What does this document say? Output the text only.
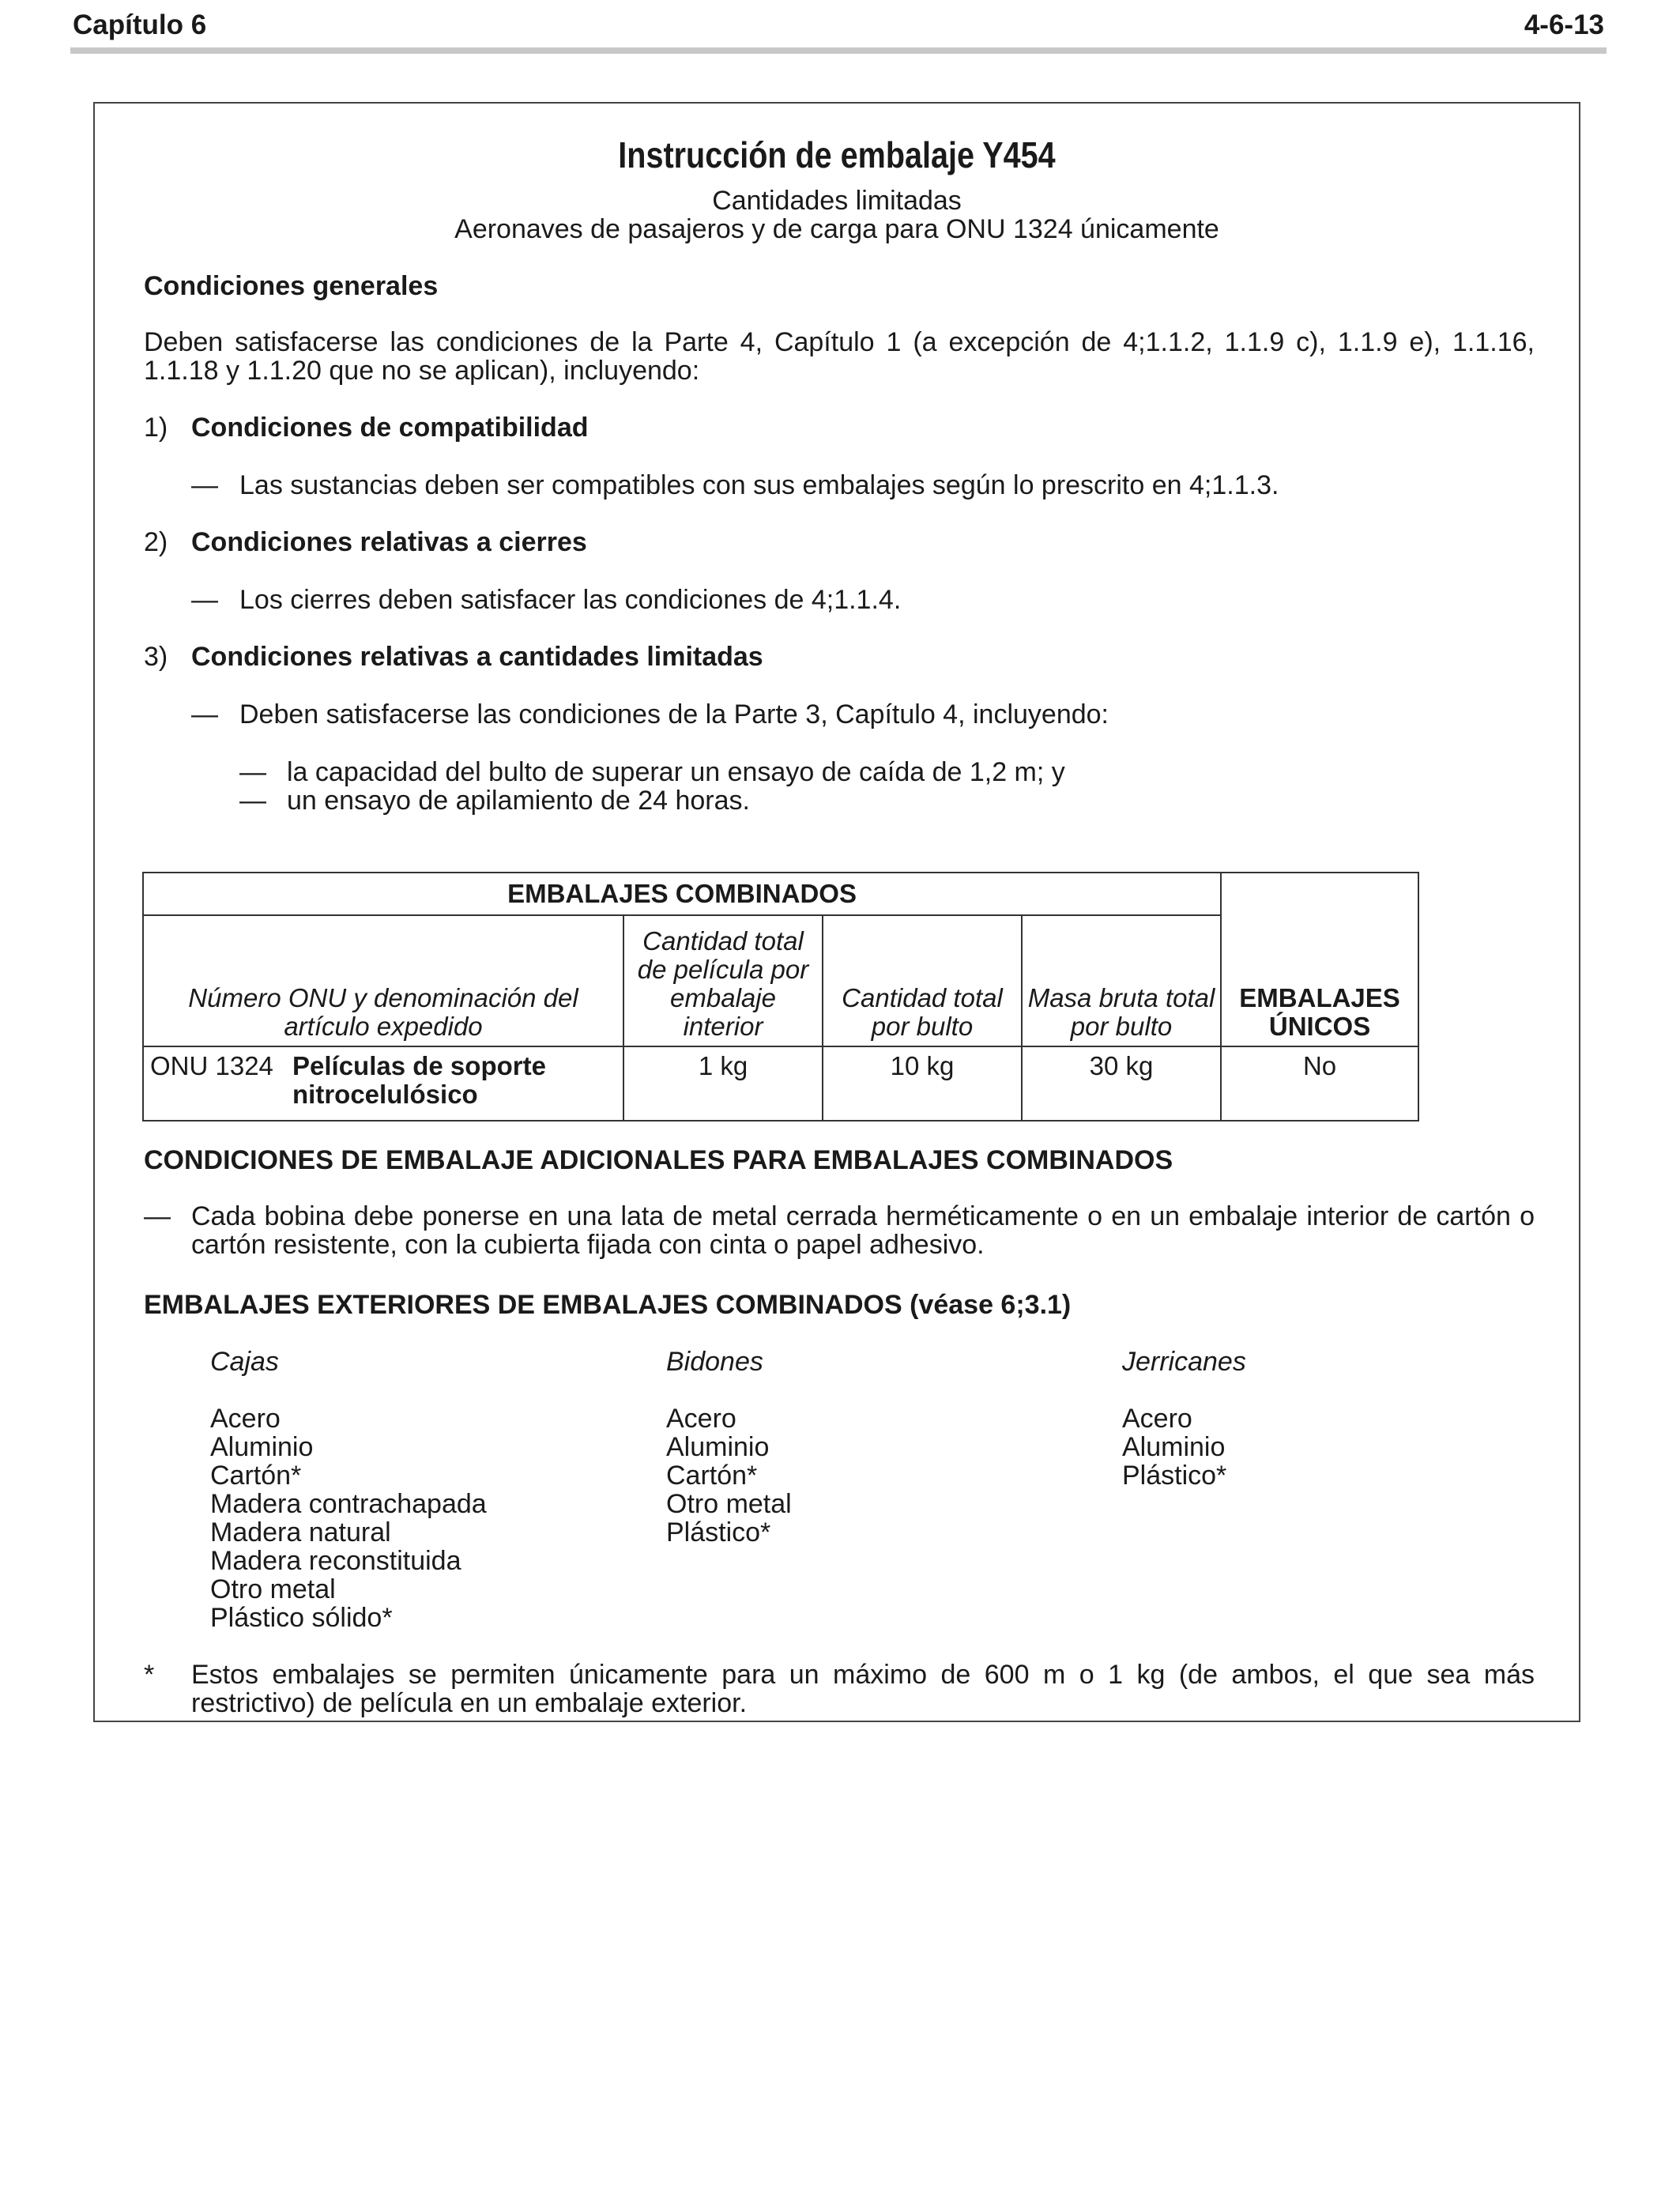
Capítulo 6	4-6-13
Instrucción de embalaje Y454
Cantidades limitadas
Aeronaves de pasajeros y de carga para ONU 1324 únicamente
Condiciones generales
Deben satisfacerse las condiciones de la Parte 4, Capítulo 1 (a excepción de 4;1.1.2, 1.1.9 c), 1.1.9 e), 1.1.16, 1.1.18 y 1.1.20 que no se aplican), incluyendo:
1) Condiciones de compatibilidad
— Las sustancias deben ser compatibles con sus embalajes según lo prescrito en 4;1.1.3.
2) Condiciones relativas a cierres
— Los cierres deben satisfacer las condiciones de 4;1.1.4.
3) Condiciones relativas a cantidades limitadas
— Deben satisfacerse las condiciones de la Parte 3, Capítulo 4, incluyendo:
— la capacidad del bulto de superar un ensayo de caída de 1,2 m; y
— un ensayo de apilamiento de 24 horas.
CONDICIONES DE EMBALAJE ADICIONALES PARA EMBALAJES COMBINADOS
— Cada bobina debe ponerse en una lata de metal cerrada herméticamente o en un embalaje interior de cartón o cartón resistente, con la cubierta fijada con cinta o papel adhesivo.
EMBALAJES EXTERIORES DE EMBALAJES COMBINADOS (véase 6;3.1)
Cajas
Acero
Aluminio
Cartón*
Madera contrachapada
Madera natural
Madera reconstituida
Otro metal
Plástico sólido*
Bidones
Acero
Aluminio
Cartón*
Otro metal
Plástico*
Jerricanes
Acero
Aluminio
Plástico*
* Estos embalajes se permiten únicamente para un máximo de 600 m o 1 kg (de ambos, el que sea más restrictivo) de película en un embalaje exterior.
EMBALAJES COMBINADOS				EMBALAJES ÚNICOS
Número ONU y denominación del artículo expedido	Cantidad total de película por embalaje interior	Cantidad total por bulto	Masa bruta total por bulto	

ONU 1324 Películas de soporte nitrocelulósico	1 kg	10 kg	30 kg	No
